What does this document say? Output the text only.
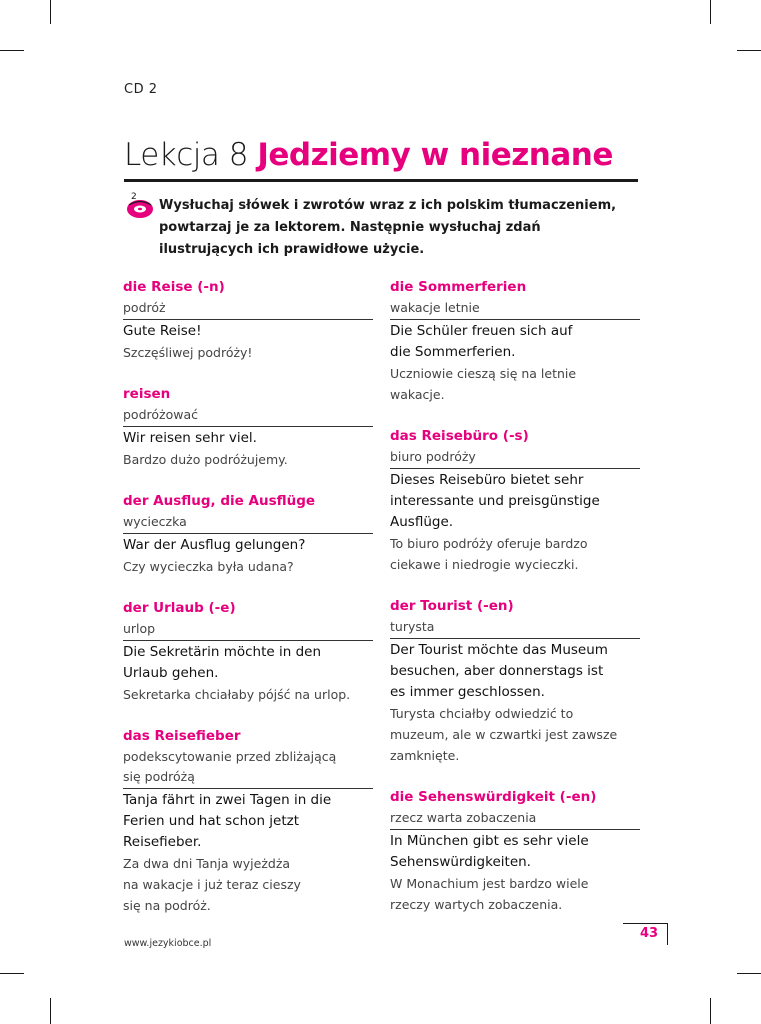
CD 2
Lekcja 8 Jedziemy w nieznane
2
Wysłuchaj słówek i zwrotów wraz z ich polskim tłumaczeniem, powtarzaj je za lektorem. Następnie wysłuchaj zdań ilustrujących ich prawidłowe użycie.
die Reise (-n)
podróż
Gute Reise!
Szczęśliwej podróży!
reisen
podróżować
Wir reisen sehr viel.
Bardzo dużo podróżujemy.
der Ausflug, die Ausflüge
wycieczka
War der Ausflug gelungen?
Czy wycieczka była udana?
der Urlaub (-e)
urlop
Die Sekretärin möchte in den
Urlaub gehen.
Sekretarka chciałaby pójść na urlop.
das Reisefieber
podekscytowanie przed zbliżającą
się podróżą
Tanja fährt in zwei Tagen in die
Ferien und hat schon jetzt
Reisefieber.
Za dwa dni Tanja wyjeżdża
na wakacje i już teraz cieszy
się na podróż.
die Sommerferien
wakacje letnie
Die Schüler freuen sich auf
die Sommerferien.
Uczniowie cieszą się na letnie
wakacje.
das Reisebüro (-s)
biuro podróży
Dieses Reisebüro bietet sehr
interessante und preisgünstige
Ausflüge.
To biuro podróży oferuje bardzo
ciekawe i niedrogie wycieczki.
der Tourist (-en)
turysta
Der Tourist möchte das Museum
besuchen, aber donnerstags ist
es immer geschlossen.
Turysta chciałby odwiedzić to
muzeum, ale w czwartki jest zawsze
zamknięte.
die Sehenswürdigkeit (-en)
rzecz warta zobaczenia
In München gibt es sehr viele
Sehenswürdigkeiten.
W Monachium jest bardzo wiele
rzeczy wartych zobaczenia.
43
www.jezykiobce.pl
